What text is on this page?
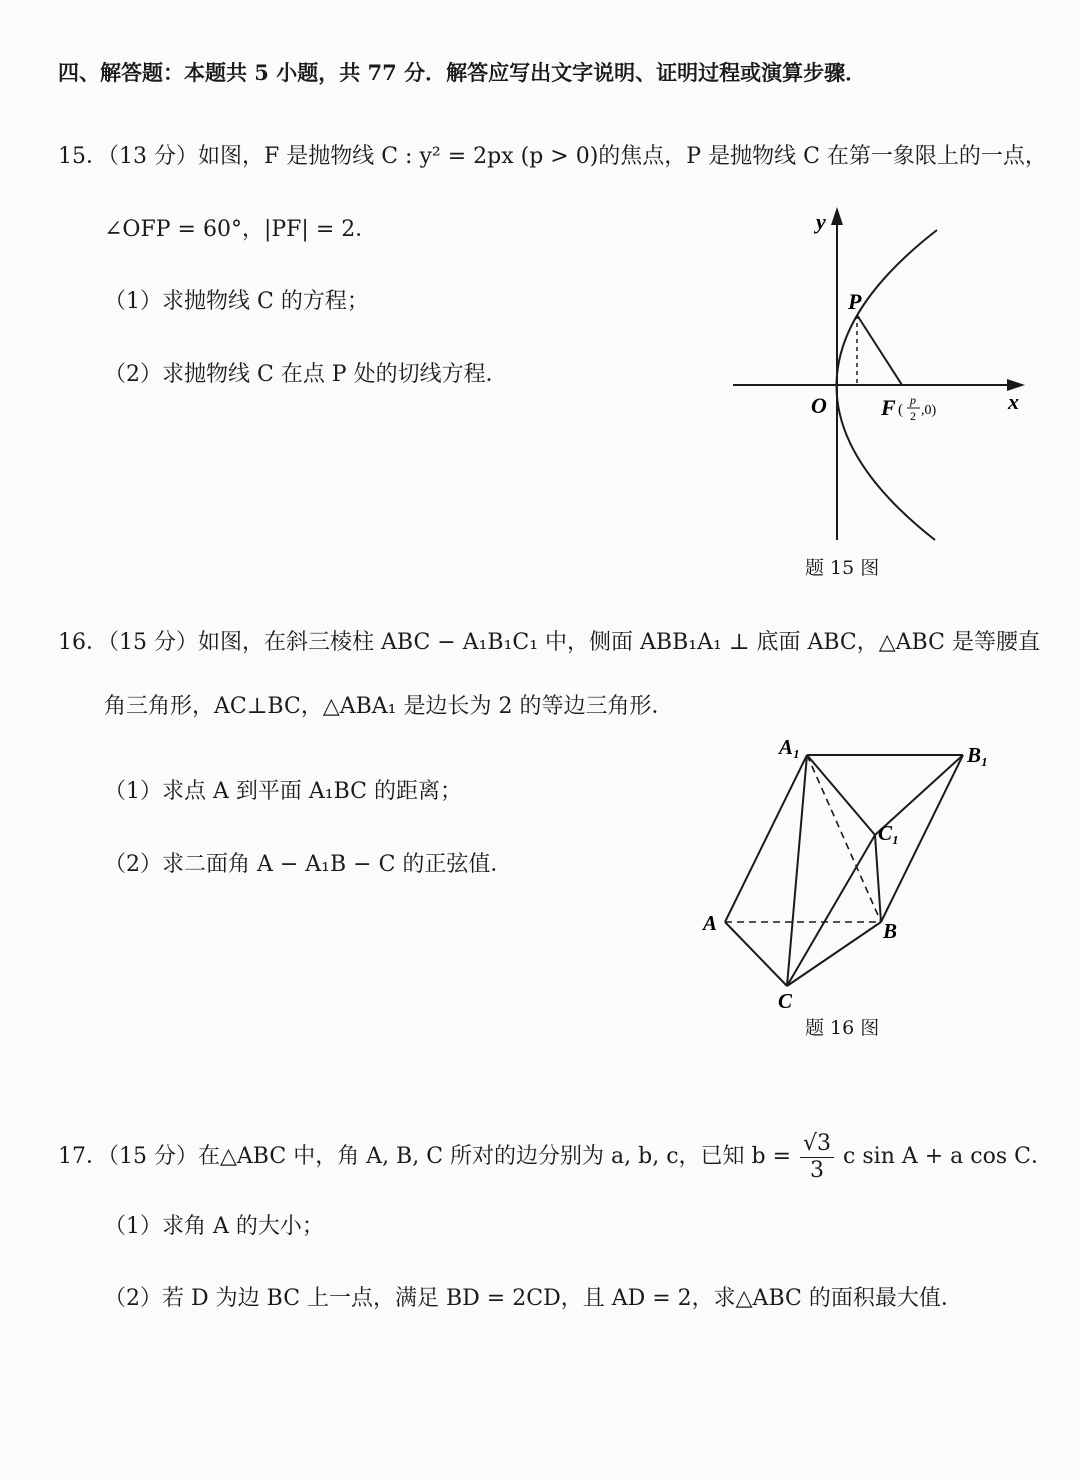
四、解答题：本题共 5 小题，共 77 分．解答应写出文字说明、证明过程或演算步骤．
15．（13 分）如图，F 是抛物线 C : y² = 2px (p > 0)的焦点，P 是抛物线 C 在第一象限上的一点，
∠OFP = 60°，|PF| = 2．
（1）求抛物线 C 的方程；
（2）求抛物线 C 在点 P 处的切线方程．
y
x
O
P
F (
p
2 ,0)
题 15 图
16．（15 分）如图，在斜三棱柱 ABC − A₁B₁C₁ 中，侧面 ABB₁A₁ ⊥ 底面 ABC，△ABC 是等腰直
角三角形，AC⊥BC，△ABA₁ 是边长为 2 的等边三角形．
（1）求点 A 到平面 A₁BC 的距离；
（2）求二面角 A − A₁B − C 的正弦值．
A₁	B₁
C₁
A	B
C
题 16 图
17．（15 分）在△ABC 中，角 A, B, C 所对的边分别为 a, b, c，已知 $b = \frac{√3}{3}$ c sin A + a cos C．
（1）求角 A 的大小；
（2）若 D 为边 BC 上一点，满足 BD = 2CD，且 AD = 2，求△ABC 的面积最大值．
